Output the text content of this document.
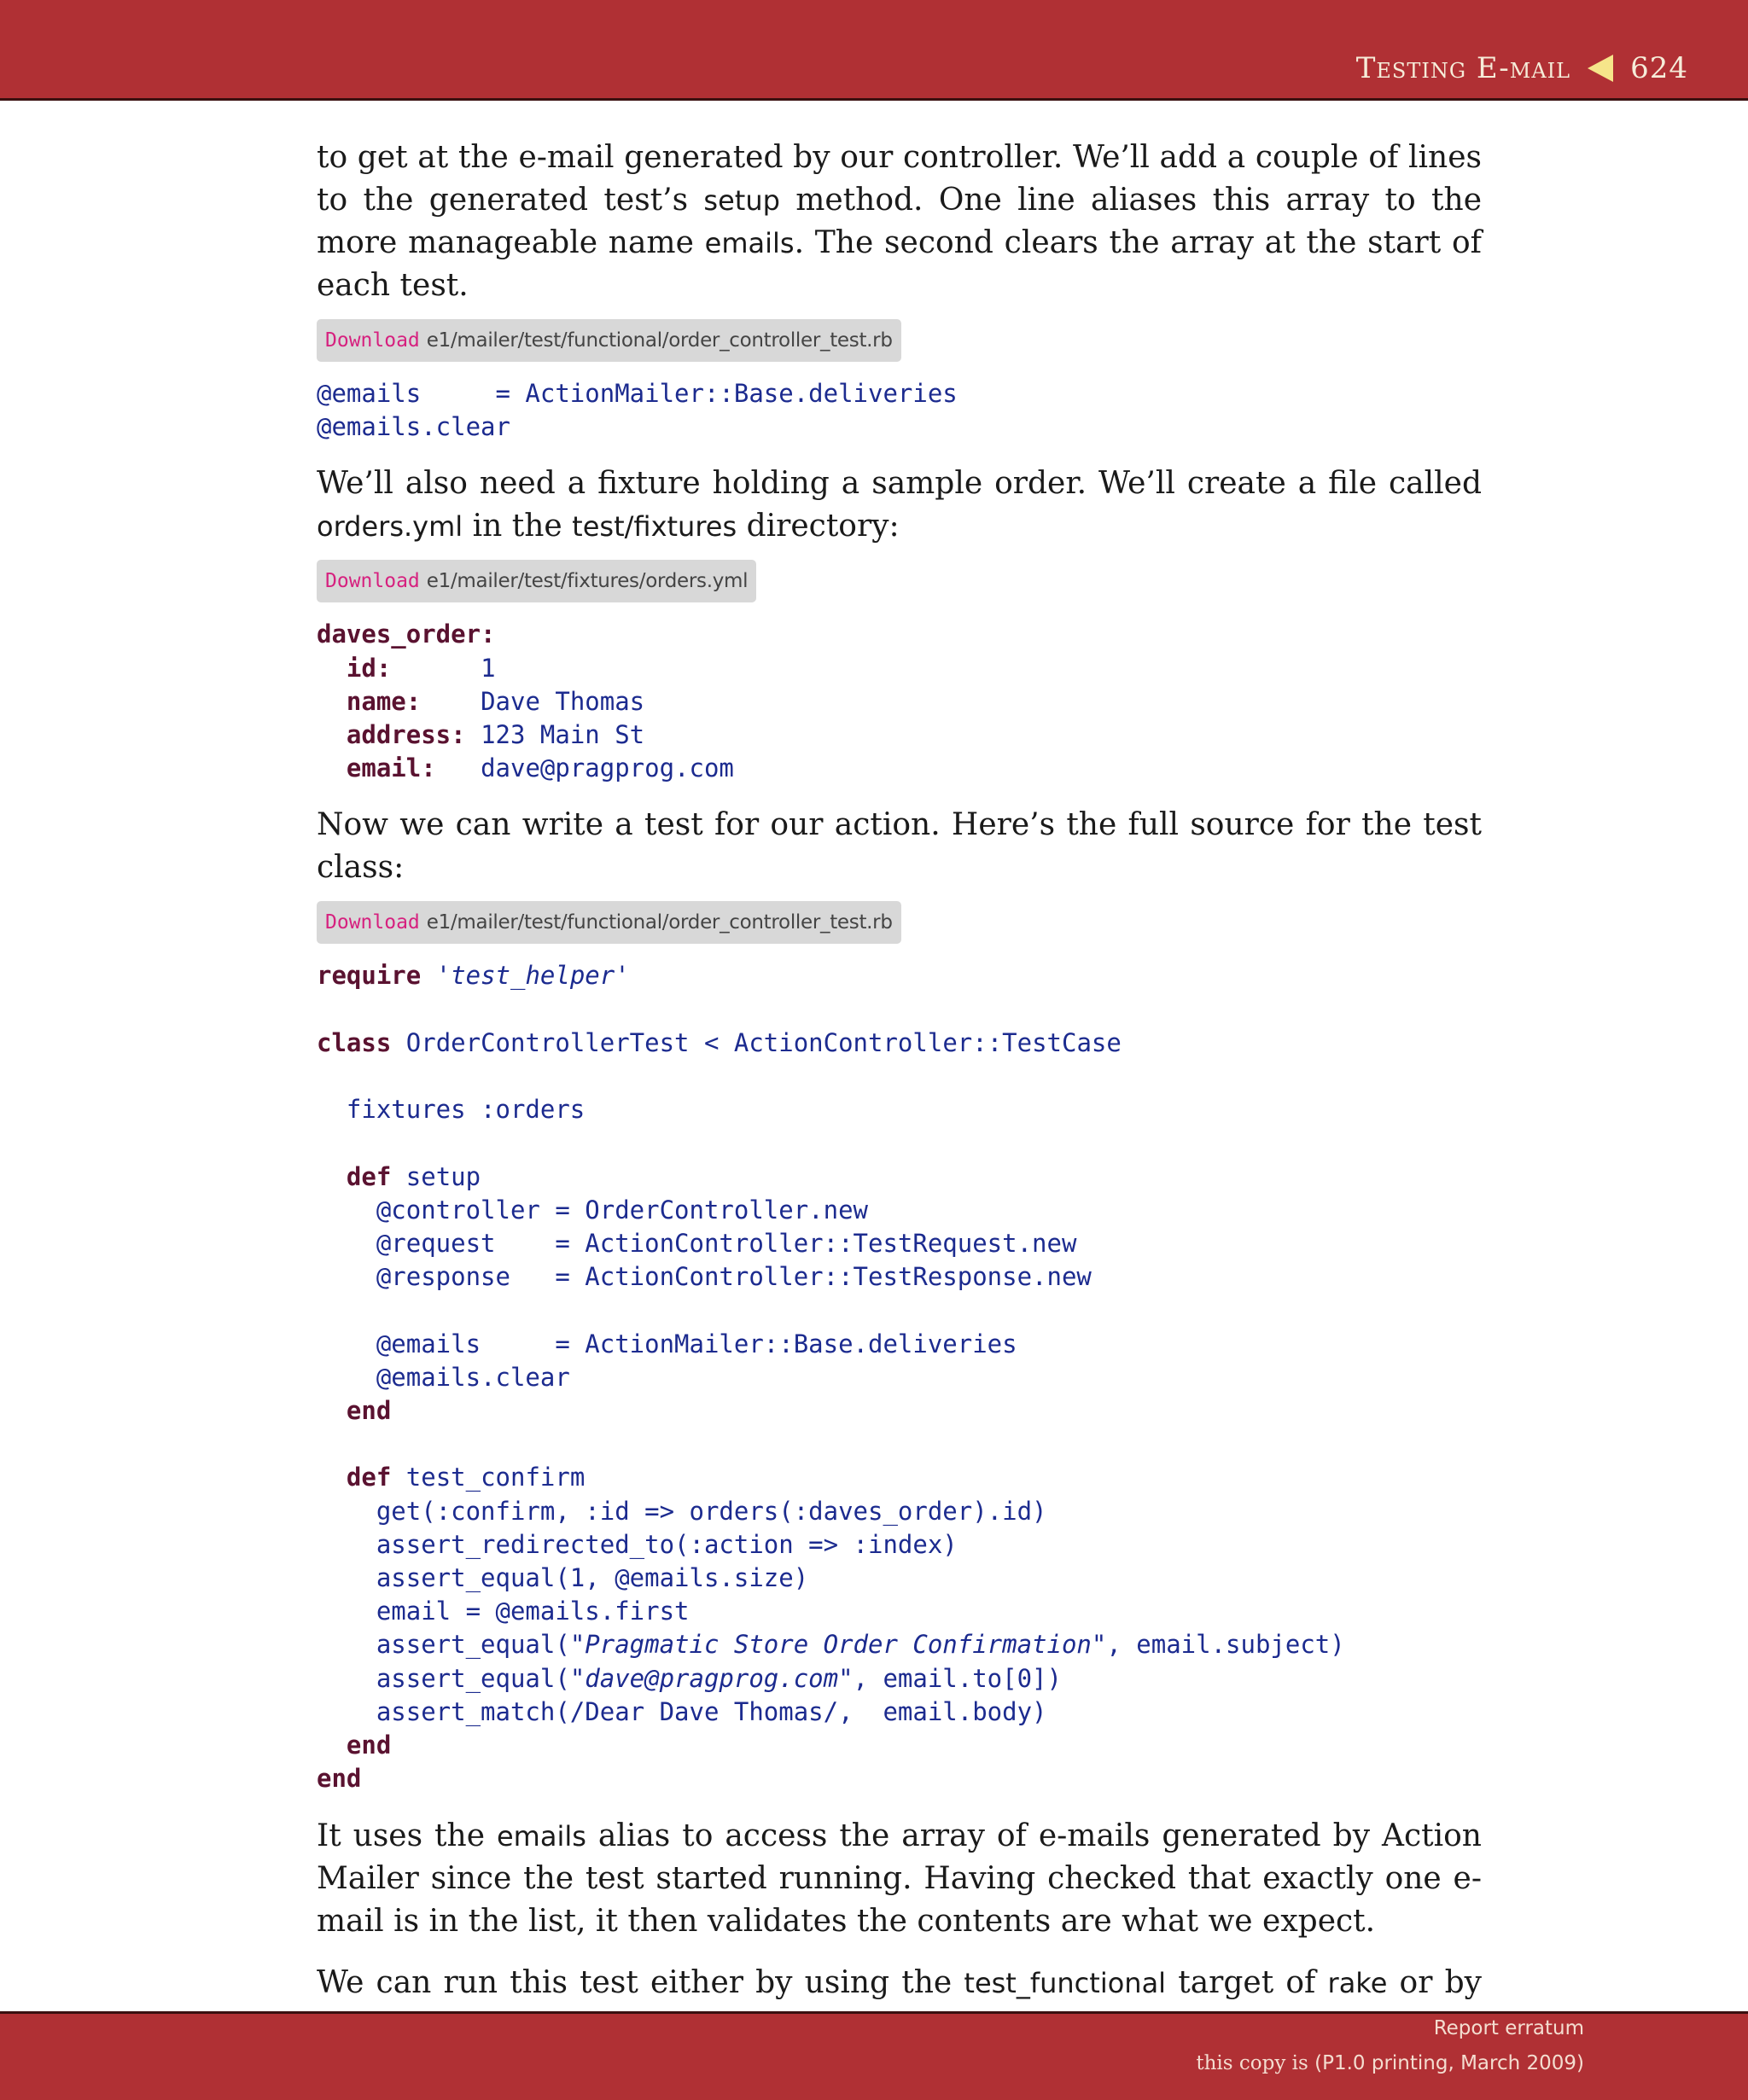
Testing E-mail 624

to get at the e-mail generated by our controller. We’ll add a couple of lines to the generated test’s setup method. One line aliases this array to the more manageable name emails. The second clears the array at the start of each test.

Download e1/mailer/test/functional/order_controller_test.rb
@emails     = ActionMailer::Base.deliveries
@emails.clear

We’ll also need a fixture holding a sample order. We’ll create a file called orders.yml in the test/fixtures directory:

Download e1/mailer/test/fixtures/orders.yml
daves_order:
id:      1
name:    Dave Thomas
address: 123 Main St
email:   dave@pragprog.com

Now we can write a test for our action. Here’s the full source for the test class:

Download e1/mailer/test/functional/order_controller_test.rb
require 'test_helper'

class OrderControllerTest < ActionController::TestCase

fixtures :orders

def setup
@controller = OrderController.new
@request    = ActionController::TestRequest.new
@response   = ActionController::TestResponse.new

@emails     = ActionMailer::Base.deliveries
@emails.clear
end

def test_confirm
get(:confirm, :id => orders(:daves_order).id)
assert_redirected_to(:action => :index)
assert_equal(1, @emails.size)
email = @emails.first
assert_equal("Pragmatic Store Order Confirmation", email.subject)
assert_equal("dave@pragprog.com", email.to[0])
assert_match(/Dear Dave Thomas/,  email.body)
end
end

It uses the emails alias to access the array of e-mails generated by Action Mailer since the test started running. Having checked that exactly one e-mail is in the list, it then validates the contents are what we expect.

We can run this test either by using the test_functional target of rake or by

Report erratum
this copy is (P1.0 printing, March 2009)
